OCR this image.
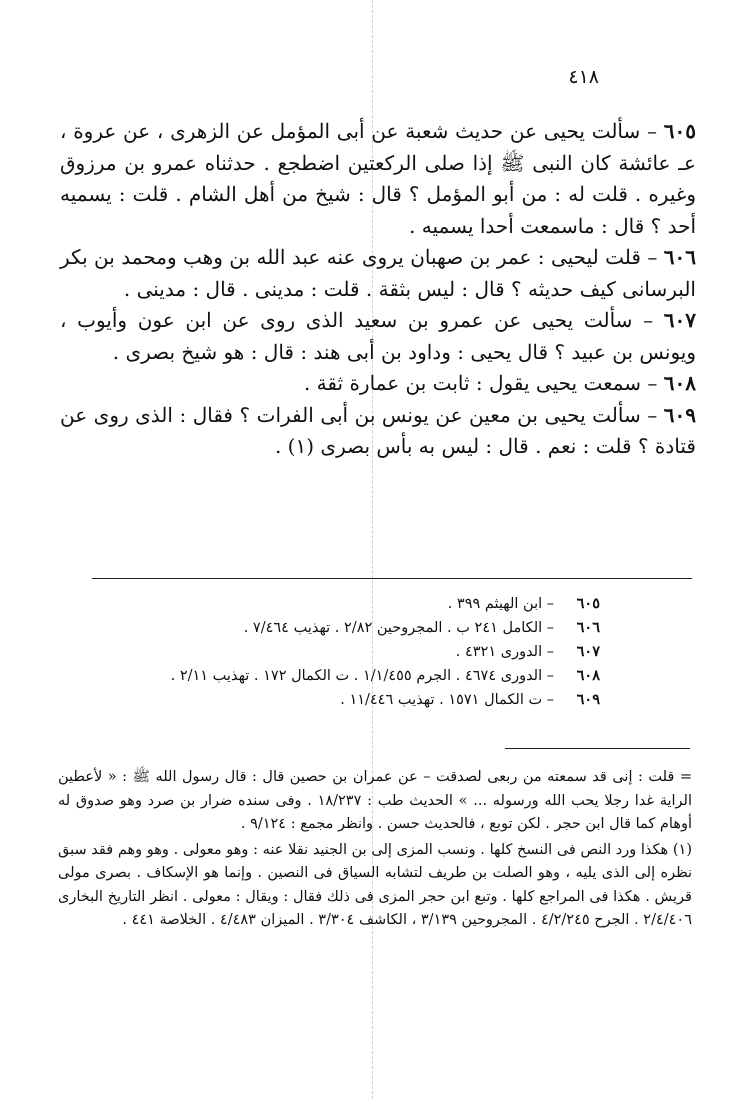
٤١٨

٦٠٥ – سألت يحيى عن حديث شعبة عن أبى المؤمل عن الزهرى ، عن عروة ، عـ عائشة كان النبى ﷺ إذا صلى الركعتين اضطجع . حدثناه عمرو بن مرزوق وغيره . قلت له : من أبو المؤمل ؟ قال : شيخ من أهل الشام . قلت : يسميه أحد ؟ قال : ماسمعت أحدا يسميه .

٦٠٦ – قلت ليحيى : عمر بن صهبان يروى عنه عبد الله بن وهب ومحمد بن بكر البرسانى كيف حديثه ؟ قال : ليس بثقة . قلت : مدينى . قال : مدينى .

٦٠٧ – سألت يحيى عن عمرو بن سعيد الذى روى عن ابن عون وأيوب ، ويونس بن عبيد ؟ قال يحيى : وداود بن أبى هند : قال : هو شيخ بصرى .

٦٠٨ – سمعت يحيى يقول : ثابت بن عمارة ثقة .

٦٠٩ – سألت يحيى بن معين عن يونس بن أبى الفرات ؟ فقال : الذى روى عن قتادة ؟ قلت : نعم . قال : ليس به بأس بصرى (١) .

٦٠٥– ابن الهيثم ٣٩٩ .
٦٠٦– الكامل ٢٤١ ب . المجروحين ٢/٨٢ . تهذيب ٧/٤٦٤ .
٦٠٧– الدورى ٤٣٢١ .
٦٠٨– الدورى ٤٦٧٤ . الجرم ١/١/٤٥٥ . ت الكمال ١٧٢ . تهذيب ٢/١١ .
٦٠٩– ت الكمال ١٥٧١ . تهذيب ١١/٤٤٦ .

= قلت : إنى قد سمعته من ربعى لصدقت – عن عمران بن حصين قال : قال رسول الله ﷺ : « لأعطين الراية غدا رجلا يحب الله ورسوله ... » الحديث طب : ١٨/٢٣٧ . وفى سنده ضرار بن صرد وهو صدوق له أوهام كما قال ابن حجر . لكن توبع ، فالحديث حسن . وانظر مجمع : ٩/١٢٤ .

(١) هكذا ورد النص فى النسخ كلها . ونسب المزى إلى بن الجنيد نقلا عنه : وهو معولى . وهو وهم فقد سبق نظره إلى الذى يليه ، وهو الصلت بن طريف لتشابه السياق فى النصين . وإنما هو الإسكاف . بصرى مولى قريش . هكذا فى المراجع كلها . وتبع ابن حجر المزى فى ذلك فقال : ويقال : معولى . انظر التاريخ البخارى ٢/٤/٤٠٦ . الجرح ٤/٢/٢٤٥ . المجروحين ٣/١٣٩ ، الكاشف ٣/٣٠٤ . الميزان ٤/٤٨٣ . الخلاصة ٤٤١ .
